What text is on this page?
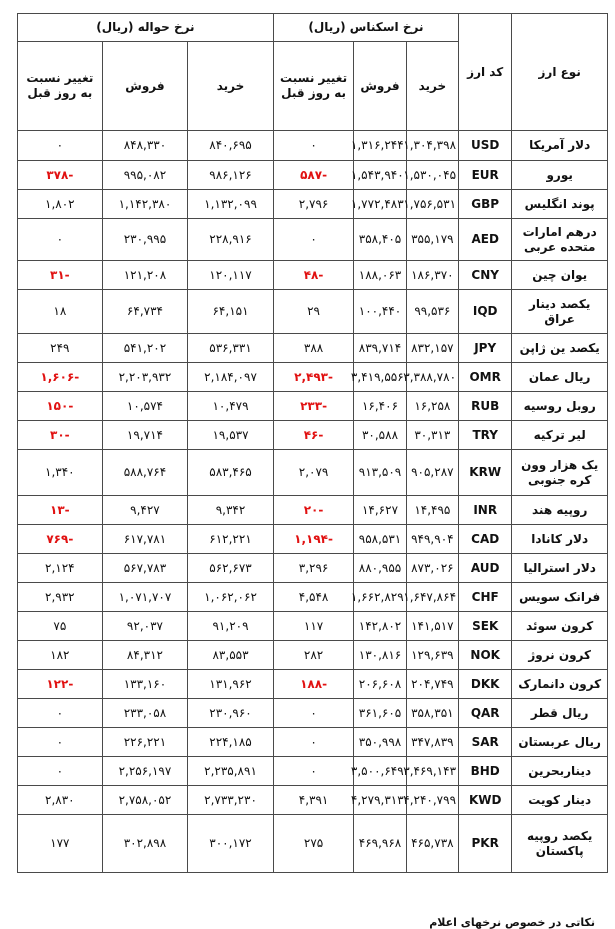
نوع ارز	کد ارز	نرخ اسکناس (ریال)			نرخ حواله (ریال)		
		خرید	فروش	تغییر نسبت به روز قبل	خرید	فروش	تغییر نسبت به روز قبل
دلار آمریکا	USD	۱,۳۰۴,۳۹۸	۱,۳۱۶,۲۴۴	۰	۸۴۰,۶۹۵	۸۴۸,۳۳۰	۰
یورو	EUR	۱,۵۳۰,۰۴۵	۱,۵۴۳,۹۴۰	-۵۸۷	۹۸۶,۱۲۶	۹۹۵,۰۸۲	-۳۷۸
پوند انگلیس	GBP	۱,۷۵۶,۵۳۱	۱,۷۷۲,۴۸۳	۲,۷۹۶	۱,۱۳۲,۰۹۹	۱,۱۴۲,۳۸۰	۱,۸۰۲
درهم امارات متحده عربی	AED	۳۵۵,۱۷۹	۳۵۸,۴۰۵	۰	۲۲۸,۹۱۶	۲۳۰,۹۹۵	۰
یوان چین	CNY	۱۸۶,۳۷۰	۱۸۸,۰۶۳	-۴۸	۱۲۰,۱۱۷	۱۲۱,۲۰۸	-۳۱
یکصد دینار عراق	IQD	۹۹,۵۳۶	۱۰۰,۴۴۰	۲۹	۶۴,۱۵۱	۶۴,۷۳۴	۱۸
یکصد ین ژاپن	JPY	۸۳۲,۱۵۷	۸۳۹,۷۱۴	۳۸۸	۵۳۶,۳۳۱	۵۴۱,۲۰۲	۲۴۹
ریال عمان	OMR	۳,۳۸۸,۷۸۰	۳,۴۱۹,۵۵۶	-۲,۴۹۳	۲,۱۸۴,۰۹۷	۲,۲۰۳,۹۳۲	-۱,۶۰۶
روبل روسیه	RUB	۱۶,۲۵۸	۱۶,۴۰۶	-۲۳۳	۱۰,۴۷۹	۱۰,۵۷۴	-۱۵۰
لیر ترکیه	TRY	۳۰,۳۱۳	۳۰,۵۸۸	-۴۶	۱۹,۵۳۷	۱۹,۷۱۴	-۳۰
یک هزار وون کره جنوبی	KRW	۹۰۵,۲۸۷	۹۱۳,۵۰۹	۲,۰۷۹	۵۸۳,۴۶۵	۵۸۸,۷۶۴	۱,۳۴۰
روپیه هند	INR	۱۴,۴۹۵	۱۴,۶۲۷	-۲۰	۹,۳۴۲	۹,۴۲۷	-۱۳
دلار کانادا	CAD	۹۴۹,۹۰۴	۹۵۸,۵۳۱	-۱,۱۹۴	۶۱۲,۲۲۱	۶۱۷,۷۸۱	-۷۶۹
دلار استرالیا	AUD	۸۷۳,۰۲۶	۸۸۰,۹۵۵	۳,۲۹۶	۵۶۲,۶۷۳	۵۶۷,۷۸۳	۲,۱۲۴
فرانک سویس	CHF	۱,۶۴۷,۸۶۴	۱,۶۶۲,۸۲۹	۴,۵۴۸	۱,۰۶۲,۰۶۲	۱,۰۷۱,۷۰۷	۲,۹۳۲
کرون سوئد	SEK	۱۴۱,۵۱۷	۱۴۲,۸۰۲	۱۱۷	۹۱,۲۰۹	۹۲,۰۳۷	۷۵
کرون نروژ	NOK	۱۲۹,۶۳۹	۱۳۰,۸۱۶	۲۸۲	۸۳,۵۵۳	۸۴,۳۱۲	۱۸۲
کرون دانمارک	DKK	۲۰۴,۷۴۹	۲۰۶,۶۰۸	-۱۸۸	۱۳۱,۹۶۲	۱۳۳,۱۶۰	-۱۲۲
ریال قطر	QAR	۳۵۸,۳۵۱	۳۶۱,۶۰۵	۰	۲۳۰,۹۶۰	۲۳۳,۰۵۸	۰
ریال عربستان	SAR	۳۴۷,۸۳۹	۳۵۰,۹۹۸	۰	۲۲۴,۱۸۵	۲۲۶,۲۲۱	۰
دیناربحرین	BHD	۳,۴۶۹,۱۴۳	۳,۵۰۰,۶۴۹	۰	۲,۲۳۵,۸۹۱	۲,۲۵۶,۱۹۷	۰
دینار کویت	KWD	۴,۲۴۰,۷۹۹	۴,۲۷۹,۳۱۳	۴,۳۹۱	۲,۷۳۳,۲۳۰	۲,۷۵۸,۰۵۲	۲,۸۳۰
یکصد روپیه پاکستان	PKR	۴۶۵,۷۳۸	۴۶۹,۹۶۸	۲۷۵	۳۰۰,۱۷۲	۳۰۲,۸۹۸	۱۷۷
نکاتی در خصوص نرخهای اعلام
